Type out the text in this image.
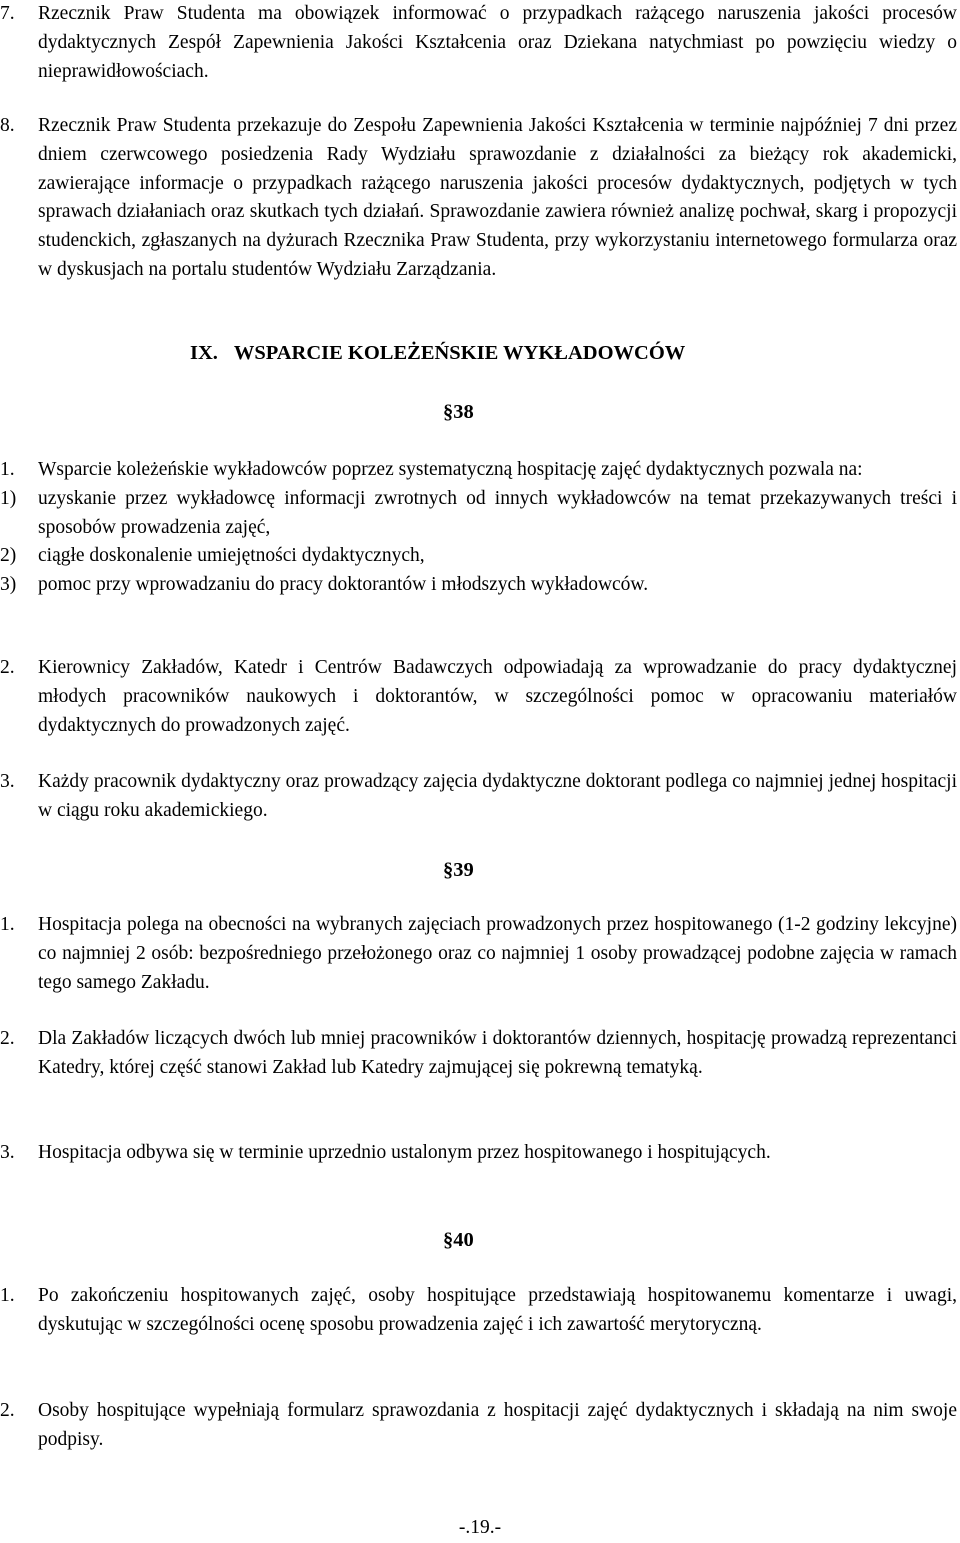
7. Rzecznik Praw Studenta ma obowiązek informować o przypadkach rażącego naruszenia jakości procesów dydaktycznych Zespół Zapewnienia Jakości Kształcenia oraz Dziekana natychmiast po powzięciu wiedzy o nieprawidłowościach.
8. Rzecznik Praw Studenta przekazuje do Zespołu Zapewnienia Jakości Kształcenia w terminie najpóźniej 7 dni przez dniem czerwcowego posiedzenia Rady Wydziału sprawozdanie z działalności za bieżący rok akademicki, zawierające informacje o przypadkach rażącego naruszenia jakości procesów dydaktycznych, podjętych w tych sprawach działaniach oraz skutkach tych działań. Sprawozdanie zawiera również analizę pochwał, skarg i propozycji studenckich, zgłaszanych na dyżurach Rzecznika Praw Studenta, przy wykorzystaniu internetowego formularza oraz w dyskusjach na portalu studentów Wydziału Zarządzania.
IX. WSPARCIE KOLEŻEŃSKIE WYKŁADOWCÓW
§38
1. Wsparcie koleżeńskie wykładowców poprzez systematyczną hospitację zajęć dydaktycznych pozwala na:
1) uzyskanie przez wykładowcę informacji zwrotnych od innych wykładowców na temat przekazywanych treści i sposobów prowadzenia zajęć,
2) ciągłe doskonalenie umiejętności dydaktycznych,
3) pomoc przy wprowadzaniu do pracy doktorantów i młodszych wykładowców.
2. Kierownicy Zakładów, Katedr i Centrów Badawczych odpowiadają za wprowadzanie do pracy dydaktycznej młodych pracowników naukowych i doktorantów, w szczególności pomoc w opracowaniu materiałów dydaktycznych do prowadzonych zajęć.
3. Każdy pracownik dydaktyczny oraz prowadzący zajęcia dydaktyczne doktorant podlega co najmniej jednej hospitacji w ciągu roku akademickiego.
§39
1. Hospitacja polega na obecności na wybranych zajęciach prowadzonych przez hospitowanego (1-2 godziny lekcyjne) co najmniej 2 osób: bezpośredniego przełożonego oraz co najmniej 1 osoby prowadzącej podobne zajęcia w ramach tego samego Zakładu.
2. Dla Zakładów liczących dwóch lub mniej pracowników i doktorantów dziennych, hospitację prowadzą reprezentanci Katedry, której część stanowi Zakład lub Katedry zajmującej się pokrewną tematyką.
3. Hospitacja odbywa się w terminie uprzednio ustalonym przez hospitowanego i hospitujących.
§40
1. Po zakończeniu hospitowanych zajęć, osoby hospitujące przedstawiają hospitowanemu komentarze i uwagi, dyskutując w szczególności ocenę sposobu prowadzenia zajęć i ich zawartość merytoryczną.
2. Osoby hospitujące wypełniają formularz sprawozdania z hospitacji zajęć dydaktycznych i składają na nim swoje podpisy.
-.19.-
